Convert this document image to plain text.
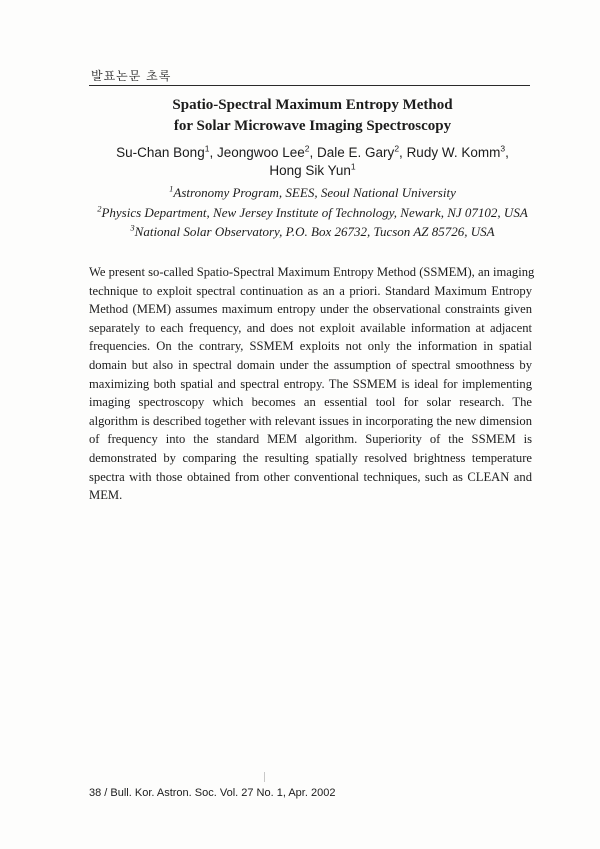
발표논문 초록
Spatio-Spectral Maximum Entropy Method
for Solar Microwave Imaging Spectroscopy
Su-Chan Bong$^1$, Jeongwoo Lee$^2$, Dale E. Gary$^2$, Rudy W. Komm$^3$,
Hong Sik Yun$^1$
$^1$Astronomy Program, SEES, Seoul National University
$^2$Physics Department, New Jersey Institute of Technology, Newark, NJ 07102, USA
$^3$National Solar Observatory, P.O. Box 26732, Tucson AZ 85726, USA
We present so-called Spatio-Spectral Maximum Entropy Method (SSMEM), an imaging
technique to exploit spectral continuation as an a priori. Standard Maximum Entropy
Method (MEM) assumes maximum entropy under the observational constraints given
separately to each frequency, and does not exploit available information at adjacent
frequencies. On the contrary, SSMEM exploits not only the information in spatial
domain but also in spectral domain under the assumption of spectral smoothness by
maximizing both spatial and spectral entropy. The SSMEM is ideal for implementing
imaging spectroscopy which becomes an essential tool for solar research. The
algorithm is described together with relevant issues in incorporating the new dimension
of frequency into the standard MEM algorithm. Superiority of the SSMEM is
demonstrated by comparing the resulting spatially resolved brightness temperature
spectra with those obtained from other conventional techniques, such as CLEAN and
MEM.
38 / Bull. Kor. Astron. Soc. Vol. 27 No. 1, Apr. 2002
